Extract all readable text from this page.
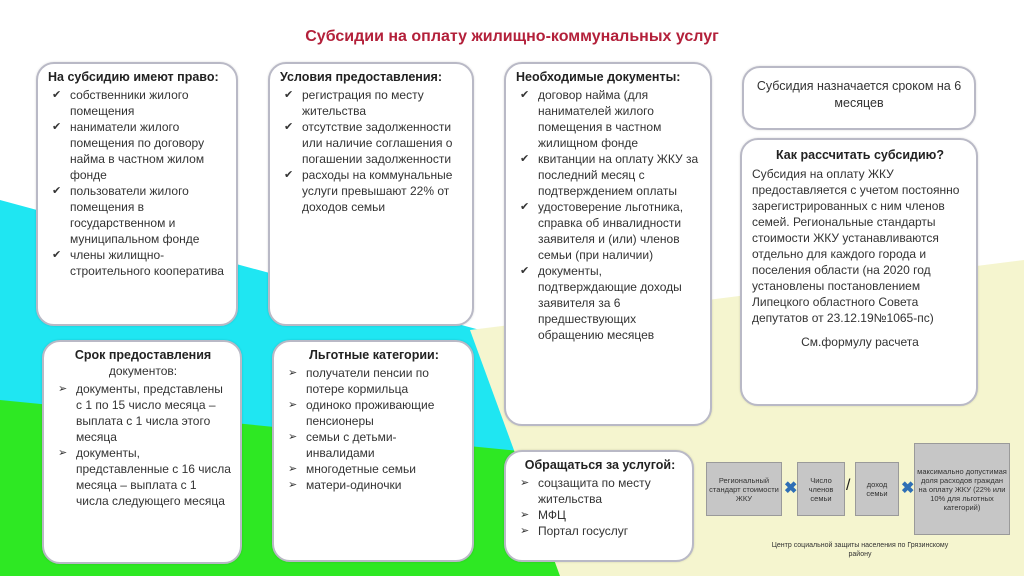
Субсидии на оплату жилищно-коммунальных услуг
На субсидию имеют право:
✔ собственники жилого помещения
✔ наниматели жилого помещения по договору найма в частном жилом фонде
✔ пользователи жилого помещения в государственном и муниципальном фонде
✔ члены жилищно-строительного кооператива
Условия предоставления:
✔ регистрация по месту жительства
✔ отсутствие задолженности или наличие соглашения о погашении задолженности
✔ расходы на коммунальные услуги превышают 22% от доходов семьи
Необходимые документы:
✔ договор найма (для нанимателей жилого помещения в частном жилищном фонде
✔ квитанции на оплату ЖКУ за последний месяц с подтверждением оплаты
✔ удостоверение льготника, справка об инвалидности заявителя и (или) членов семьи (при наличии)
✔ документы, подтверждающие доходы заявителя за 6 предшествующих обращению месяцев
Субсидия назначается сроком на 6 месяцев
Как рассчитать субсидию?
Субсидия на оплату ЖКУ предоставляется с учетом постоянно зарегистрированных с ним членов семей. Региональные стандарты стоимости ЖКУ устанавливаются отдельно для каждого города и поселения области (на 2020 год установлены постановлением Липецкого областного Совета депутатов от 23.12.19№1065-пс)
См.формулу расчета
Срок предоставления
документов:
➢ документы, представлены с 1 по 15 число месяца – выплата с 1 числа этого месяца
➢ документы, представленные с 16 числа месяца – выплата с 1 числа следующего месяца
Льготные категории:
➢ получатели пенсии по потере кормильца
➢ одиноко проживающие пенсионеры
➢ семьи с детьми-инвалидами
➢ многодетные семьи
➢ матери-одиночки
Обращаться за услугой:
➢ соцзащита по месту жительства
➢ МФЦ
➢ Портал госуслуг
Региональный стандарт стоимости ЖКУ
✖	Число членов семьи
/	доход семьи ✖
максимально допустимая доля расходов граждан на оплату ЖКУ (22% или 10% для льготных категорий)
Центр социальной защиты населения по Грязинскому району
